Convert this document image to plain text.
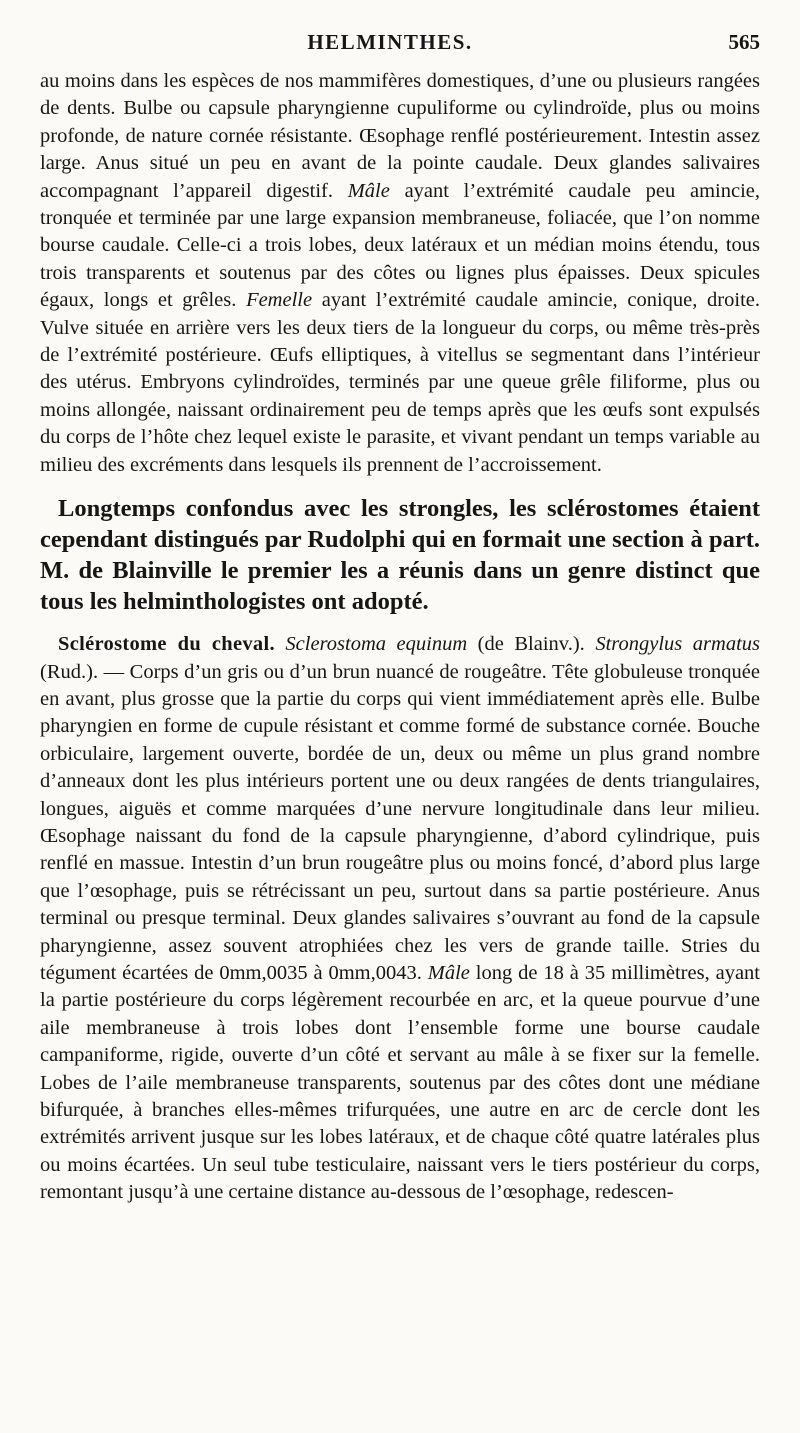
HELMINTHES.	565

au moins dans les espèces de nos mammifères domestiques, d’une ou plusieurs rangées de dents. Bulbe ou capsule pharyngienne cupuliforme ou cylindroïde, plus ou moins profonde, de nature cornée résistante. Œsophage renflé postérieurement. Intestin assez large. Anus situé un peu en avant de la pointe caudale. Deux glandes salivaires accompagnant l’appareil digestif. Mâle ayant l’extrémité caudale peu amincie, tronquée et terminée par une large expansion membraneuse, foliacée, que l’on nomme bourse caudale. Celle-ci a trois lobes, deux latéraux et un médian moins étendu, tous trois transparents et soutenus par des côtes ou lignes plus épaisses. Deux spicules égaux, longs et grêles. Femelle ayant l’extrémité caudale amincie, conique, droite. Vulve située en arrière vers les deux tiers de la longueur du corps, ou même très-près de l’extrémité postérieure. Œufs elliptiques, à vitellus se segmentant dans l’intérieur des utérus. Embryons cylindroïdes, terminés par une queue grêle filiforme, plus ou moins allongée, naissant ordinairement peu de temps après que les œufs sont expulsés du corps de l’hôte chez lequel existe le parasite, et vivant pendant un temps variable au milieu des excréments dans lesquels ils prennent de l’accroissement.

Longtemps confondus avec les strongles, les sclérostomes étaient cependant distingués par Rudolphi qui en formait une section à part. M. de Blainville le premier les a réunis dans un genre distinct que tous les helminthologistes ont adopté.

Sclérostome du cheval. Sclerostoma equinum (de Blainv.). Strongylus armatus (Rud.). — Corps d’un gris ou d’un brun nuancé de rougeâtre. Tête globuleuse tronquée en avant, plus grosse que la partie du corps qui vient immédiatement après elle. Bulbe pharyngien en forme de cupule résistant et comme formé de substance cornée. Bouche orbiculaire, largement ouverte, bordée de un, deux ou même un plus grand nombre d’anneaux dont les plus intérieurs portent une ou deux rangées de dents triangulaires, longues, aiguës et comme marquées d’une nervure longitudinale dans leur milieu. Œsophage naissant du fond de la capsule pharyngienne, d’abord cylindrique, puis renflé en massue. Intestin d’un brun rougeâtre plus ou moins foncé, d’abord plus large que l’œsophage, puis se rétrécissant un peu, surtout dans sa partie postérieure. Anus terminal ou presque terminal. Deux glandes salivaires s’ouvrant au fond de la capsule pharyngienne, assez souvent atrophiées chez les vers de grande taille. Stries du tégument écartées de 0mm,0035 à 0mm,0043. Mâle long de 18 à 35 millimètres, ayant la partie postérieure du corps légèrement recourbée en arc, et la queue pourvue d’une aile membraneuse à trois lobes dont l’ensemble forme une bourse caudale campaniforme, rigide, ouverte d’un côté et servant au mâle à se fixer sur la femelle. Lobes de l’aile membraneuse transparents, soutenus par des côtes dont une médiane bifurquée, à branches elles-mêmes trifurquées, une autre en arc de cercle dont les extrémités arrivent jusque sur les lobes latéraux, et de chaque côté quatre latérales plus ou moins écartées. Un seul tube testiculaire, naissant vers le tiers postérieur du corps, remontant jusqu’à une certaine distance au-dessous de l’œsophage, redescen-
